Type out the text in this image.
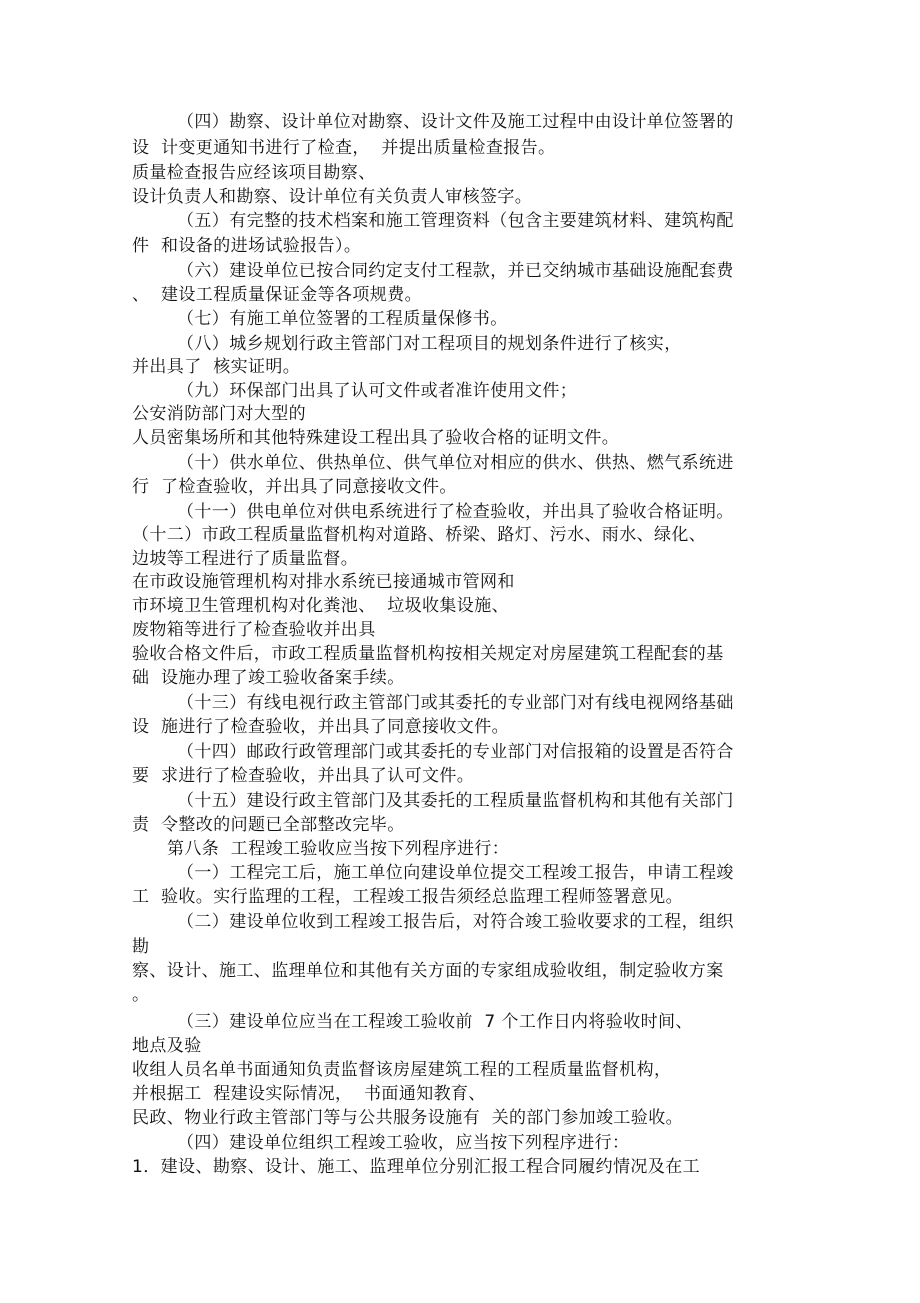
（四）勘察、设计单位对勘察、设计文件及施工过程中由设计单位签署的
设  计变更通知书进行了检查，  并提出质量检查报告。
质量检查报告应经该项目勘察、
设计负责人和勘察、设计单位有关负责人审核签字。
（五）有完整的技术档案和施工管理资料（包含主要建筑材料、建筑构配
件  和设备的进场试验报告）。
（六）建设单位已按合同约定支付工程款，并已交纳城市基础设施配套费
、  建设工程质量保证金等各项规费。
（七）有施工单位签署的工程质量保修书。
（八）城乡规划行政主管部门对工程项目的规划条件进行了核实，
并出具了  核实证明。
（九）环保部门出具了认可文件或者准许使用文件；
公安消防部门对大型的
人员密集场所和其他特殊建设工程出具了验收合格的证明文件。
（十）供水单位、供热单位、供气单位对相应的供水、供热、燃气系统进
行  了检查验收，并出具了同意接收文件。
（十一）供电单位对供电系统进行了检查验收，并出具了验收合格证明。
（十二）市政工程质量监督机构对道路、桥梁、路灯、污水、雨水、绿化、
边坡等工程进行了质量监督。
在市政设施管理机构对排水系统已接通城市管网和
市环境卫生管理机构对化粪池、  垃圾收集设施、
废物箱等进行了检查验收并出具
验收合格文件后，市政工程质量监督机构按相关规定对房屋建筑工程配套的基
础  设施办理了竣工验收备案手续。
（十三）有线电视行政主管部门或其委托的专业部门对有线电视网络基础
设  施进行了检查验收，并出具了同意接收文件。
（十四）邮政行政管理部门或其委托的专业部门对信报箱的设置是否符合
要  求进行了检查验收，并出具了认可文件。
（十五）建设行政主管部门及其委托的工程质量监督机构和其他有关部门
责  令整改的问题已全部整改完毕。
第八条  工程竣工验收应当按下列程序进行：
（一）工程完工后，施工单位向建设单位提交工程竣工报告，申请工程竣
工  验收。实行监理的工程，工程竣工报告须经总监理工程师签署意见。
（二）建设单位收到工程竣工报告后，对符合竣工验收要求的工程，组织
勘
察、设计、施工、监理单位和其他有关方面的专家组成验收组，制定验收方案
。
（三）建设单位应当在工程竣工验收前  7 个工作日内将验收时间、
地点及验
收组人员名单书面通知负责监督该房屋建筑工程的工程质量监督机构，
并根据工  程建设实际情况，  书面通知教育、
民政、物业行政主管部门等与公共服务设施有  关的部门参加竣工验收。
（四）建设单位组织工程竣工验收，应当按下列程序进行：
1．建设、勘察、设计、施工、监理单位分别汇报工程合同履约情况及在工
